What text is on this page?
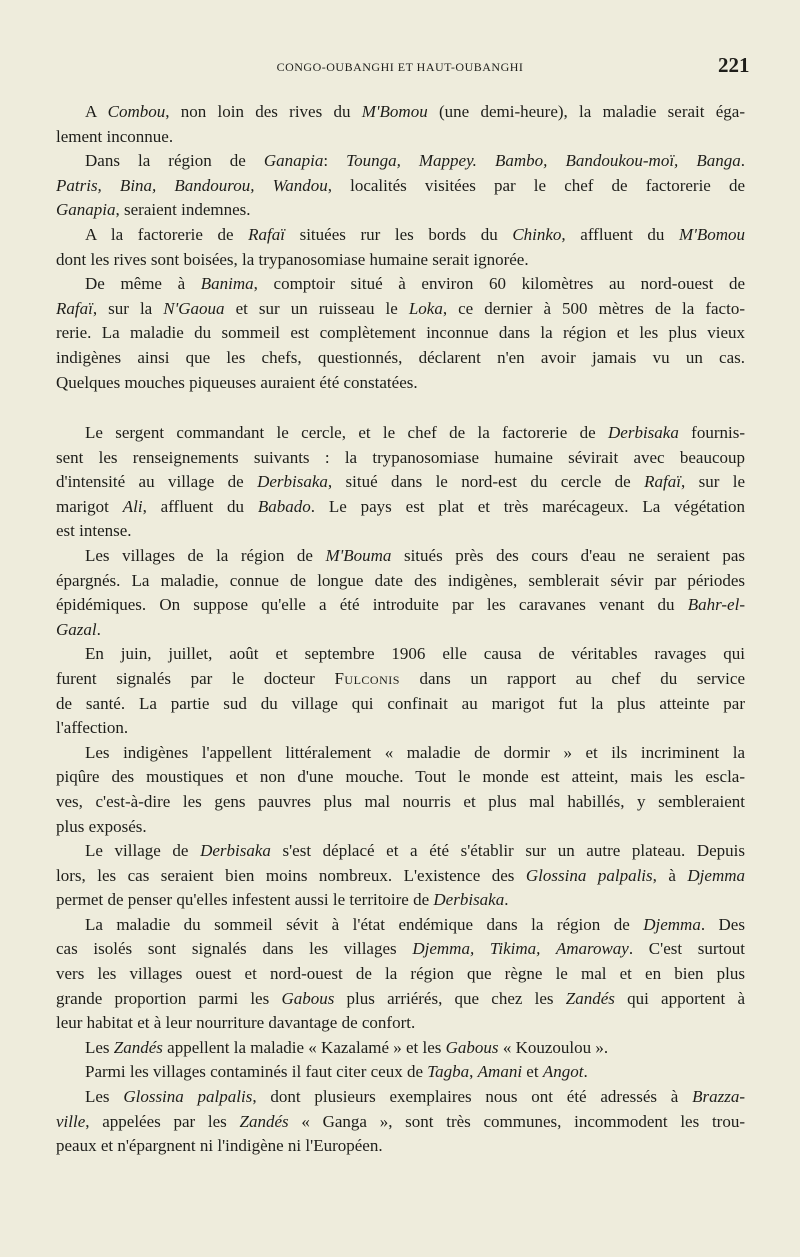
CONGO-OUBANGHI ET HAUT-OUBANGHI	221
A Combou, non loin des rives du M'Bomou (une demi-heure), la maladie serait éga-
lement inconnue.
Dans la région de Ganapia: Tounga, Mappey. Bambo, Bandoukou-moï, Banga.
Patris, Bina, Bandourou, Wandou, localités visitées par le chef de factorerie de
Ganapia, seraient indemnes.
A la factorerie de Rafaï situées rur les bords du Chinko, affluent du M'Bomou
dont les rives sont boisées, la trypanosomiase humaine serait ignorée.
De même à Banima, comptoir situé à environ 60 kilomètres au nord-ouest de
Rafaï, sur la N'Gaoua et sur un ruisseau le Loka, ce dernier à 500 mètres de la facto-
rerie. La maladie du sommeil est complètement inconnue dans la région et les plus vieux
indigènes ainsi que les chefs, questionnés, déclarent n'en avoir jamais vu un cas.
Quelques mouches piqueuses auraient été constatées.
Le sergent commandant le cercle, et le chef de la factorerie de Derbisaka fournis-
sent les renseignements suivants : la trypanosomiase humaine sévirait avec beaucoup
d'intensité au village de Derbisaka, situé dans le nord-est du cercle de Rafaï, sur le
marigot Ali, affluent du Babado. Le pays est plat et très marécageux. La végétation
est intense.
Les villages de la région de M'Bouma situés près des cours d'eau ne seraient pas
épargnés. La maladie, connue de longue date des indigènes, semblerait sévir par périodes
épidémiques. On suppose qu'elle a été introduite par les caravanes venant du Bahr-el-
Gazal.
En juin, juillet, août et septembre 1906 elle causa de véritables ravages qui
furent signalés par le docteur Fulconis dans un rapport au chef du service
de santé. La partie sud du village qui confinait au marigot fut la plus atteinte par
l'affection.
Les indigènes l'appellent littéralement « maladie de dormir » et ils incriminent la
piqûre des moustiques et non d'une mouche. Tout le monde est atteint, mais les escla-
ves, c'est-à-dire les gens pauvres plus mal nourris et plus mal habillés, y sembleraient
plus exposés.
Le village de Derbisaka s'est déplacé et a été s'établir sur un autre plateau. Depuis
lors, les cas seraient bien moins nombreux. L'existence des Glossina palpalis, à Djemma
permet de penser qu'elles infestent aussi le territoire de Derbisaka.
La maladie du sommeil sévit à l'état endémique dans la région de Djemma. Des
cas isolés sont signalés dans les villages Djemma, Tikima, Amaroway. C'est surtout
vers les villages ouest et nord-ouest de la région que règne le mal et en bien plus
grande proportion parmi les Gabous plus arriérés, que chez les Zandés qui apportent à
leur habitat et à leur nourriture davantage de confort.
Les Zandés appellent la maladie « Kazalamé » et les Gabous « Kouzoulou ».
Parmi les villages contaminés il faut citer ceux de Tagba, Amani et Angot.
Les Glossina palpalis, dont plusieurs exemplaires nous ont été adressés à Brazza-
ville, appelées par les Zandés « Ganga », sont très communes, incommodent les trou-
peaux et n'épargnent ni l'indigène ni l'Européen.
